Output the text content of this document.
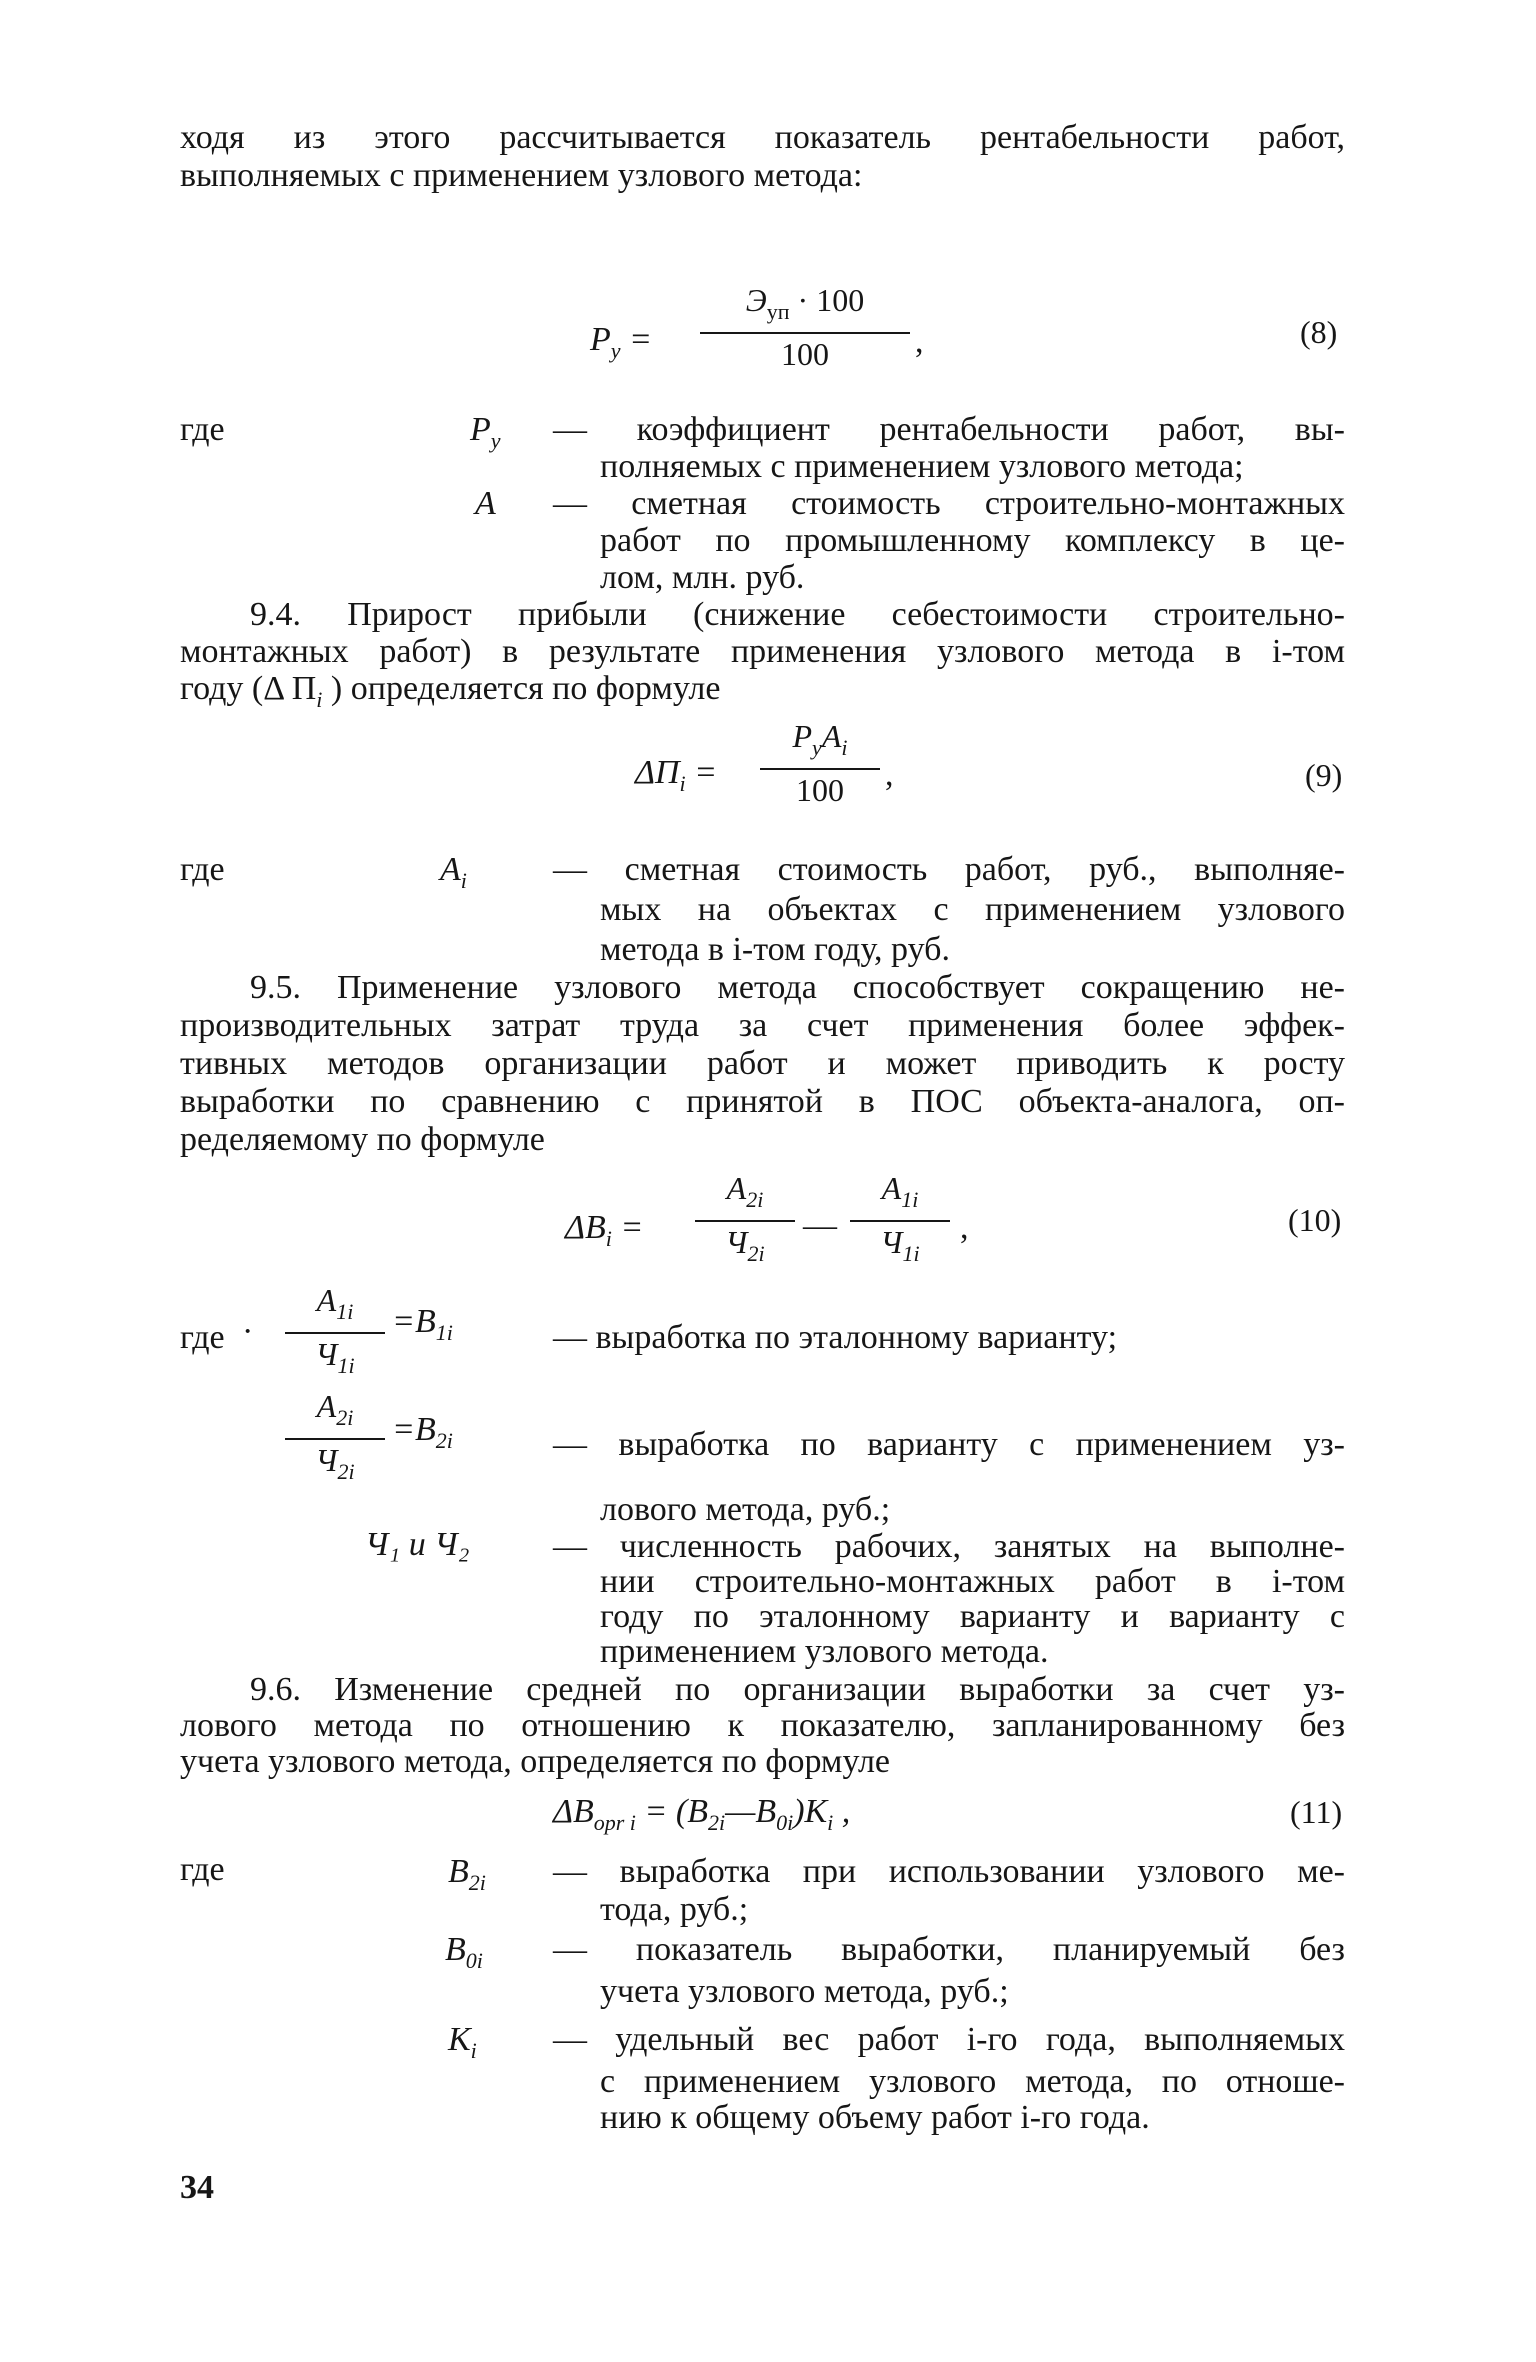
ходя из этого рассчитывается показатель рентабельности работ,
выполняемых с применением узлового метода:
$Р_у$ =
$Э_{уп} \cdot 100$
100	,	(8)
где	$Р_у$ — коэффициент рентабельности работ, вы-
полняемых с применением узлового метода;
А — сметная стоимость строительно-монтажных
работ по промышленному комплексу в це-
лом, млн. руб.
9.4. Прирост прибыли (снижение себестоимости строительно-
монтажных работ) в результате применения узлового метода в i-том
году (Δ $П_i$ ) определяется по формуле
$\Delta П_i$ =
$Р_уА_i$
100	,	(9)
где	$А_i$	— сметная стоимость работ, руб., выполняе-
мых на объектах с применением узлового
метода в i-том году, руб.
9.5. Применение узлового метода способствует сокращению не-
производительных затрат труда за счет применения более эффек-
тивных методов организации работ и может приводить к росту
выработки по сравнению с принятой в ПОС объекта-аналога, оп-
ределяемому по формуле
$\Delta В_i$ =
$А_{2i}$
$Ч_{2i}$
—
$А_{1i}$
$Ч_{1i}$
,	(10)
где ·
$А_{1i}$
$Ч_{1i}$
$=В_{1i}$	— выработка по эталонному варианту;
$А_{2i}$
$Ч_{2i}$
$=В_{2i}$	— выработка по варианту с применением уз-
лового метода, руб.;
Ч₁ и Ч₂ — численность рабочих, занятых на выполне-
нии строительно-монтажных работ в i-том
году по эталонному варианту и варианту с
применением узлового метода.
9.6. Изменение средней по организации выработки за счет уз-
лового метода по отношению к показателю, запланированному без
учета узлового метода, определяется по формуле
$\Delta В_{opr i}$ = $(В_{2i}—В_{0i})К_i$ ,	(11)
где	$В_{2i}$ — выработка при использовании узлового ме-
тода, руб.;
$В_{0i}$ — показатель выработки, планируемый без
учета узлового метода, руб.;
$К_i$ — удельный вес работ i-го года, выполняемых
с применением узлового метода, по отноше-
нию к общему объему работ i-го года.
34
